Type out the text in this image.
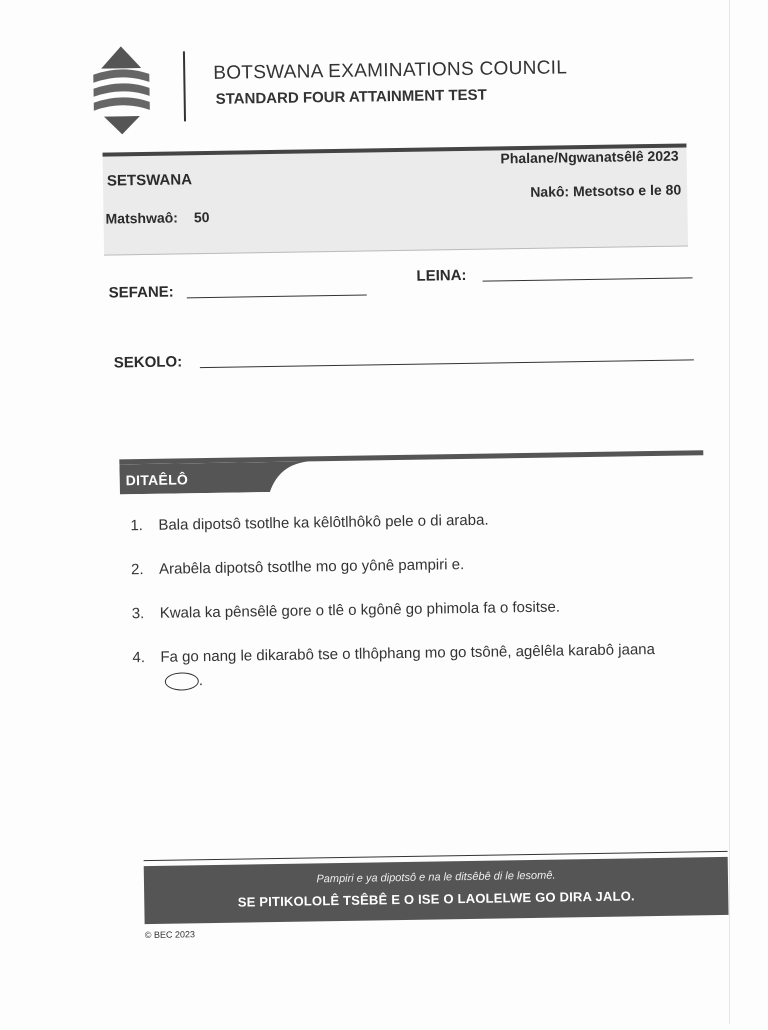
BOTSWANA EXAMINATIONS COUNCIL
STANDARD FOUR ATTAINMENT TEST
SETSWANA
Matshwaô: 50
Phalane/Ngwanatsêlê 2023
Nakô: Metsotso e le 80
SEFANE:
LEINA:
SEKOLO:
DITAÊLÔ
1. Bala dipotsô tsotlhe ka kêlôtlhôkô pele o di araba.
2. Arabêla dipotsô tsotlhe mo go yônê pampiri e.
3. Kwala ka pênsêlê gore o tlê o kgônê go phimola fa o fositse.
4. Fa go nang le dikarabô tse o tlhôphang mo go tsônê, agêlêla karabô jaana .
Pampiri e ya dipotsô e na le ditsêbê di le lesomê.
SE PITIKOLOLÊ TSÊBÊ E O ISE O LAOLELWE GO DIRA JALO.
© BEC 2023
